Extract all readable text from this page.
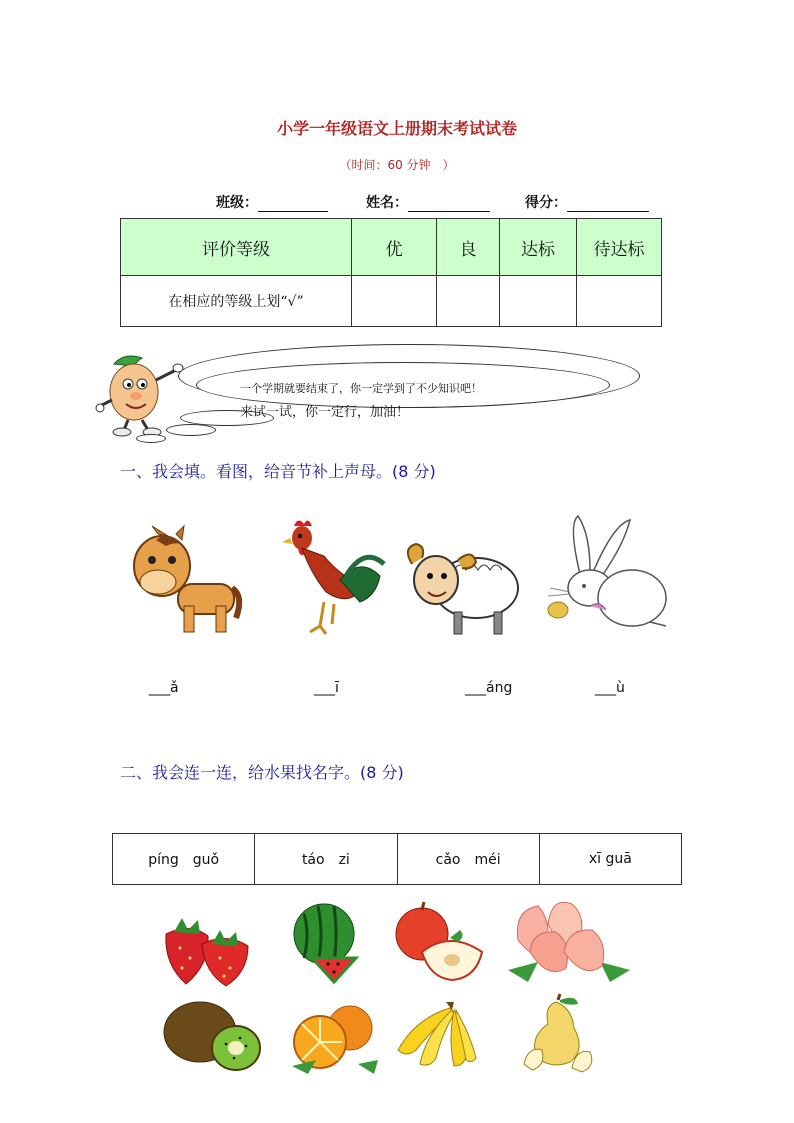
小学一年级语文上册期末考试试卷
（时间：60 分钟　）
班级：	姓名：	得分：
评价等级	优	良	达标	待达标
在相应的等级上划“√”				
一个学期就要结束了，你一定学到了不少知识吧！
来试一试，你一定行，加油！
一、我会填。看图，给音节补上声母。(8 分)
___ǎ	___ī	___áng	___ù
二、我会连一连，给水果找名字。(8 分)
píng　guǒ	táo　zi	cǎo　méi	xī guā
